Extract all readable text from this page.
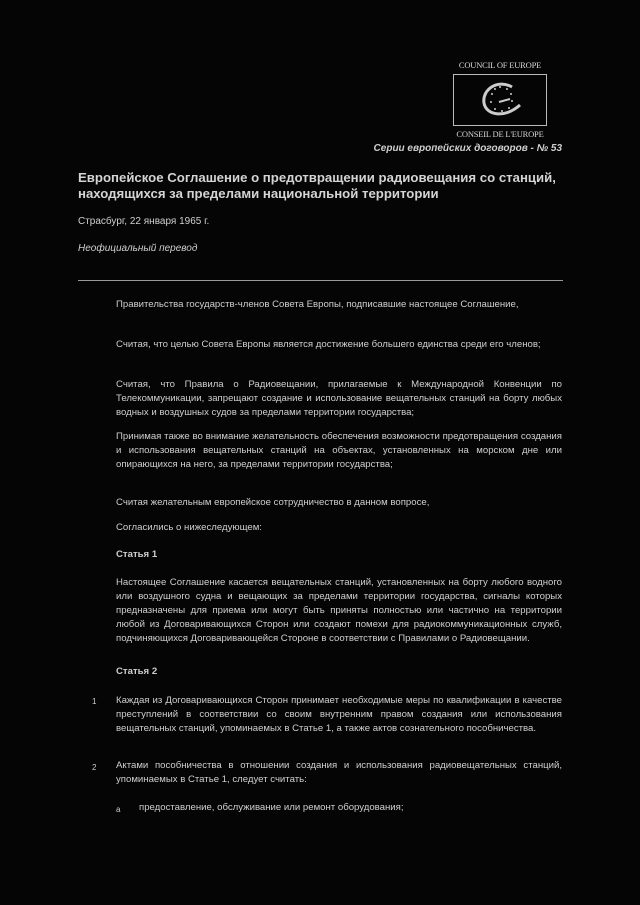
COUNCIL OF EUROPE
CONSEIL DE L'EUROPE
Серии европейских договоров - № 53
Европейское Соглашение о предотвращении радиовещания со станций, находящихся за пределами национальной территории
Страсбург, 22 января 1965 г.
Неофициальный перевод
Правительства государств-членов Совета Европы, подписавшие настоящее Соглашение,
Считая, что целью Совета Европы является достижение большего единства среди его членов;
Считая, что Правила о Радиовещании, прилагаемые к Международной Конвенции по Телекоммуникации, запрещают создание и использование вещательных станций на борту любых водных и воздушных судов за пределами территории государства;
Принимая также во внимание желательность обеспечения возможности предотвращения создания и использования вещательных станций на объектах, установленных на морском дне или опирающихся на него, за пределами территории государства;
Считая желательным европейское сотрудничество в данном вопросе,
Согласились о нижеследующем:
Статья 1
Настоящее Соглашение касается вещательных станций, установленных на борту любого водного или воздушного судна и вещающих за пределами территории государства, сигналы которых предназначены для приема или могут быть приняты полностью или частично на территории любой из Договаривающихся Сторон или создают помехи для радиокоммуникационных служб, подчиняющихся Договаривающейся Стороне в соответствии с Правилами о Радиовещании.
Статья 2
1 Каждая из Договаривающихся Сторон принимает необходимые меры по квалификации в качестве преступлений в соответствии со своим внутренним правом создания или использования вещательных станций, упоминаемых в Статье 1, а также актов сознательного пособничества.
2 Актами пособничества в отношении создания и использования радиовещательных станций, упоминаемых в Статье 1, следует считать:
a предоставление, обслуживание или ремонт оборудования;
